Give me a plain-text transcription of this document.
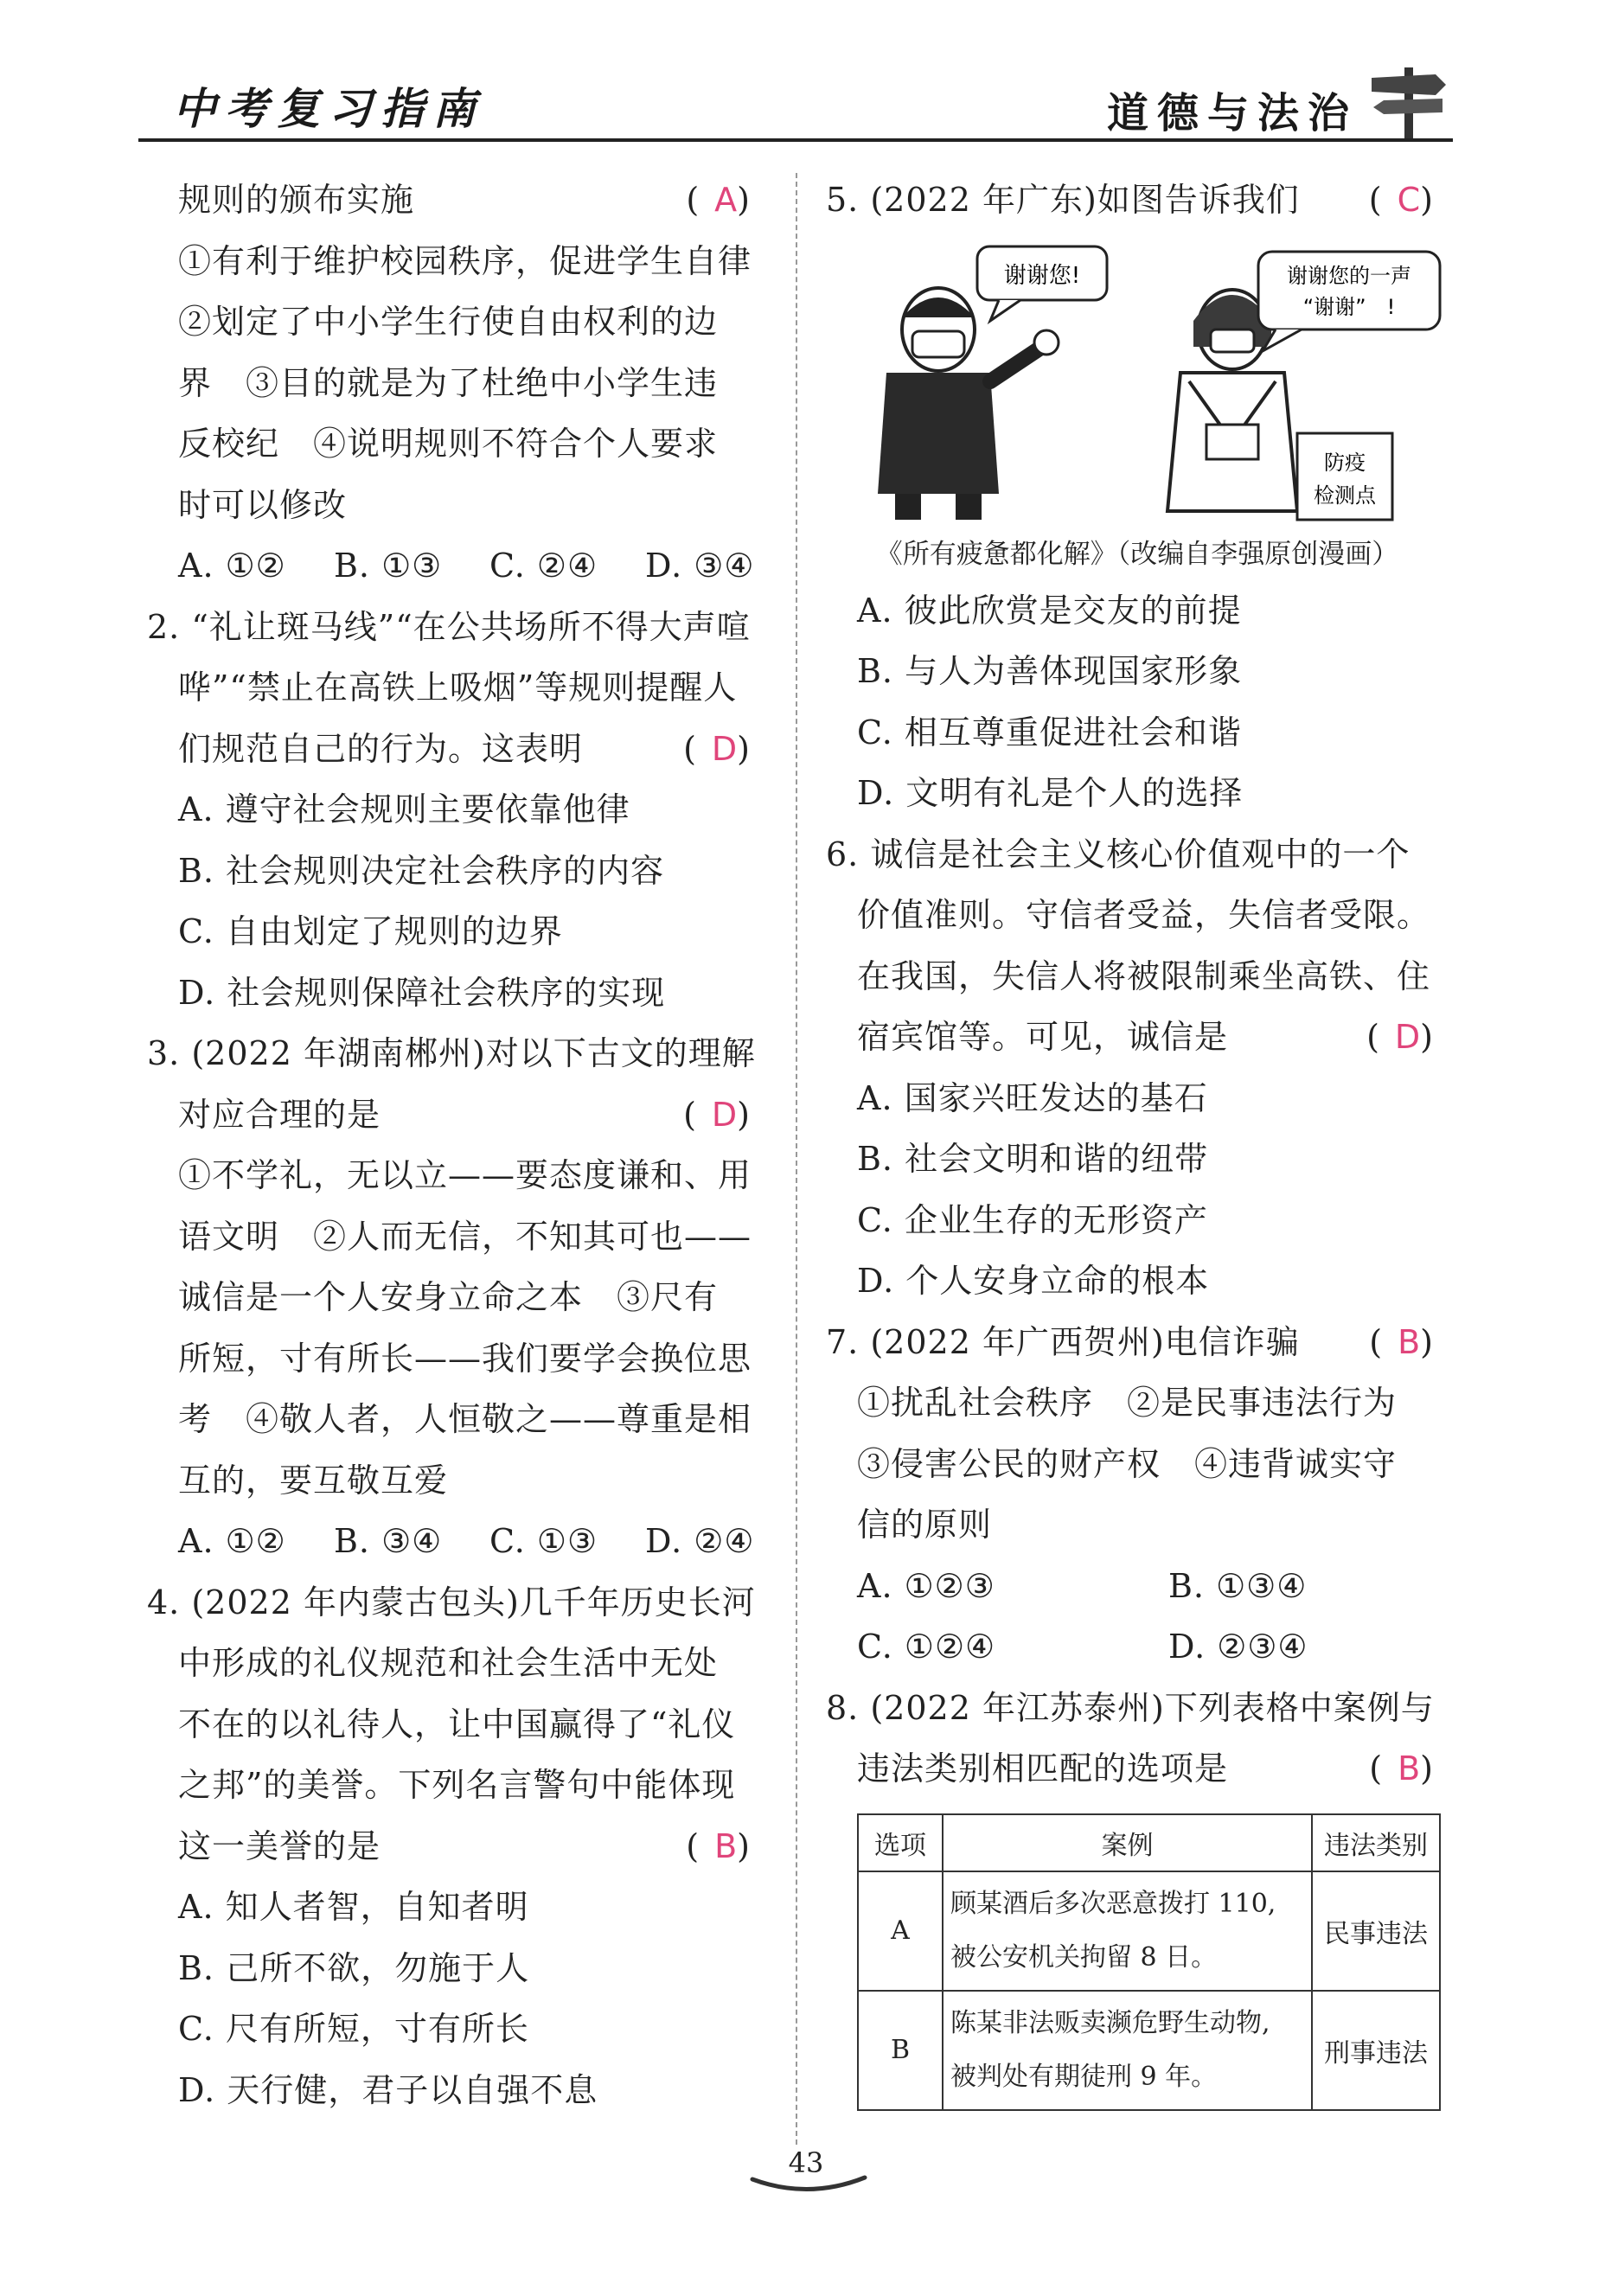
中考复习指南	道德与法治
规则的颁布实施	(A)
①有利于维护校园秩序，促进学生自律
②划定了中小学生行使自由权利的边
界　③目的就是为了杜绝中小学生违
反校纪　④说明规则不符合个人要求
时可以修改
A. ①② B. ①③ C. ②④ D. ③④
2. “礼让斑马线”“在公共场所不得大声喧
哗”“禁止在高铁上吸烟”等规则提醒人
们规范自己的行为。这表明	(D)
A. 遵守社会规则主要依靠他律
B. 社会规则决定社会秩序的内容
C. 自由划定了规则的边界
D. 社会规则保障社会秩序的实现
3. (2022 年湖南郴州)对以下古文的理解
对应合理的是	(D)
①不学礼，无以立——要态度谦和、用
语文明　②人而无信，不知其可也——
诚信是一个人安身立命之本　③尺有
所短，寸有所长——我们要学会换位思
考　④敬人者，人恒敬之——尊重是相
互的，要互敬互爱
A. ①② B. ③④ C. ①③ D. ②④
4. (2022 年内蒙古包头)几千年历史长河
中形成的礼仪规范和社会生活中无处
不在的以礼待人，让中国赢得了“礼仪
之邦”的美誉。下列名言警句中能体现
这一美誉的是	(B)
A. 知人者智，自知者明
B. 己所不欲，勿施于人
C. 尺有所短，寸有所长
D. 天行健，君子以自强不息
5. (2022 年广东)如图告诉我们 (C)
谢谢您!
防疫
检测点
谢谢您的一声
“谢谢”　!
《所有疲惫都化解》（改编自李强原创漫画）
A. 彼此欣赏是交友的前提
B. 与人为善体现国家形象
C. 相互尊重促进社会和谐
D. 文明有礼是个人的选择
6. 诚信是社会主义核心价值观中的一个
价值准则。守信者受益，失信者受限。
在我国，失信人将被限制乘坐高铁、住
宿宾馆等。可见，诚信是	(D)
A. 国家兴旺发达的基石
B. 社会文明和谐的纽带
C. 企业生存的无形资产
D. 个人安身立命的根本
7. (2022 年广西贺州)电信诈骗 (B)
①扰乱社会秩序　②是民事违法行为
③侵害公民的财产权　④违背诚实守
信的原则
A. ①②③	B. ①③④
C. ①②④	D. ②③④
8. (2022 年江苏泰州)下列表格中案例与
违法类别相匹配的选项是	(B)
选项	案例	违法类别
A	顾某酒后多次恶意拨打 110,
被公安机关拘留 8 日。	民事违法
B	陈某非法贩卖濒危野生动物,
被判处有期徒刑 9 年。	刑事违法
43
